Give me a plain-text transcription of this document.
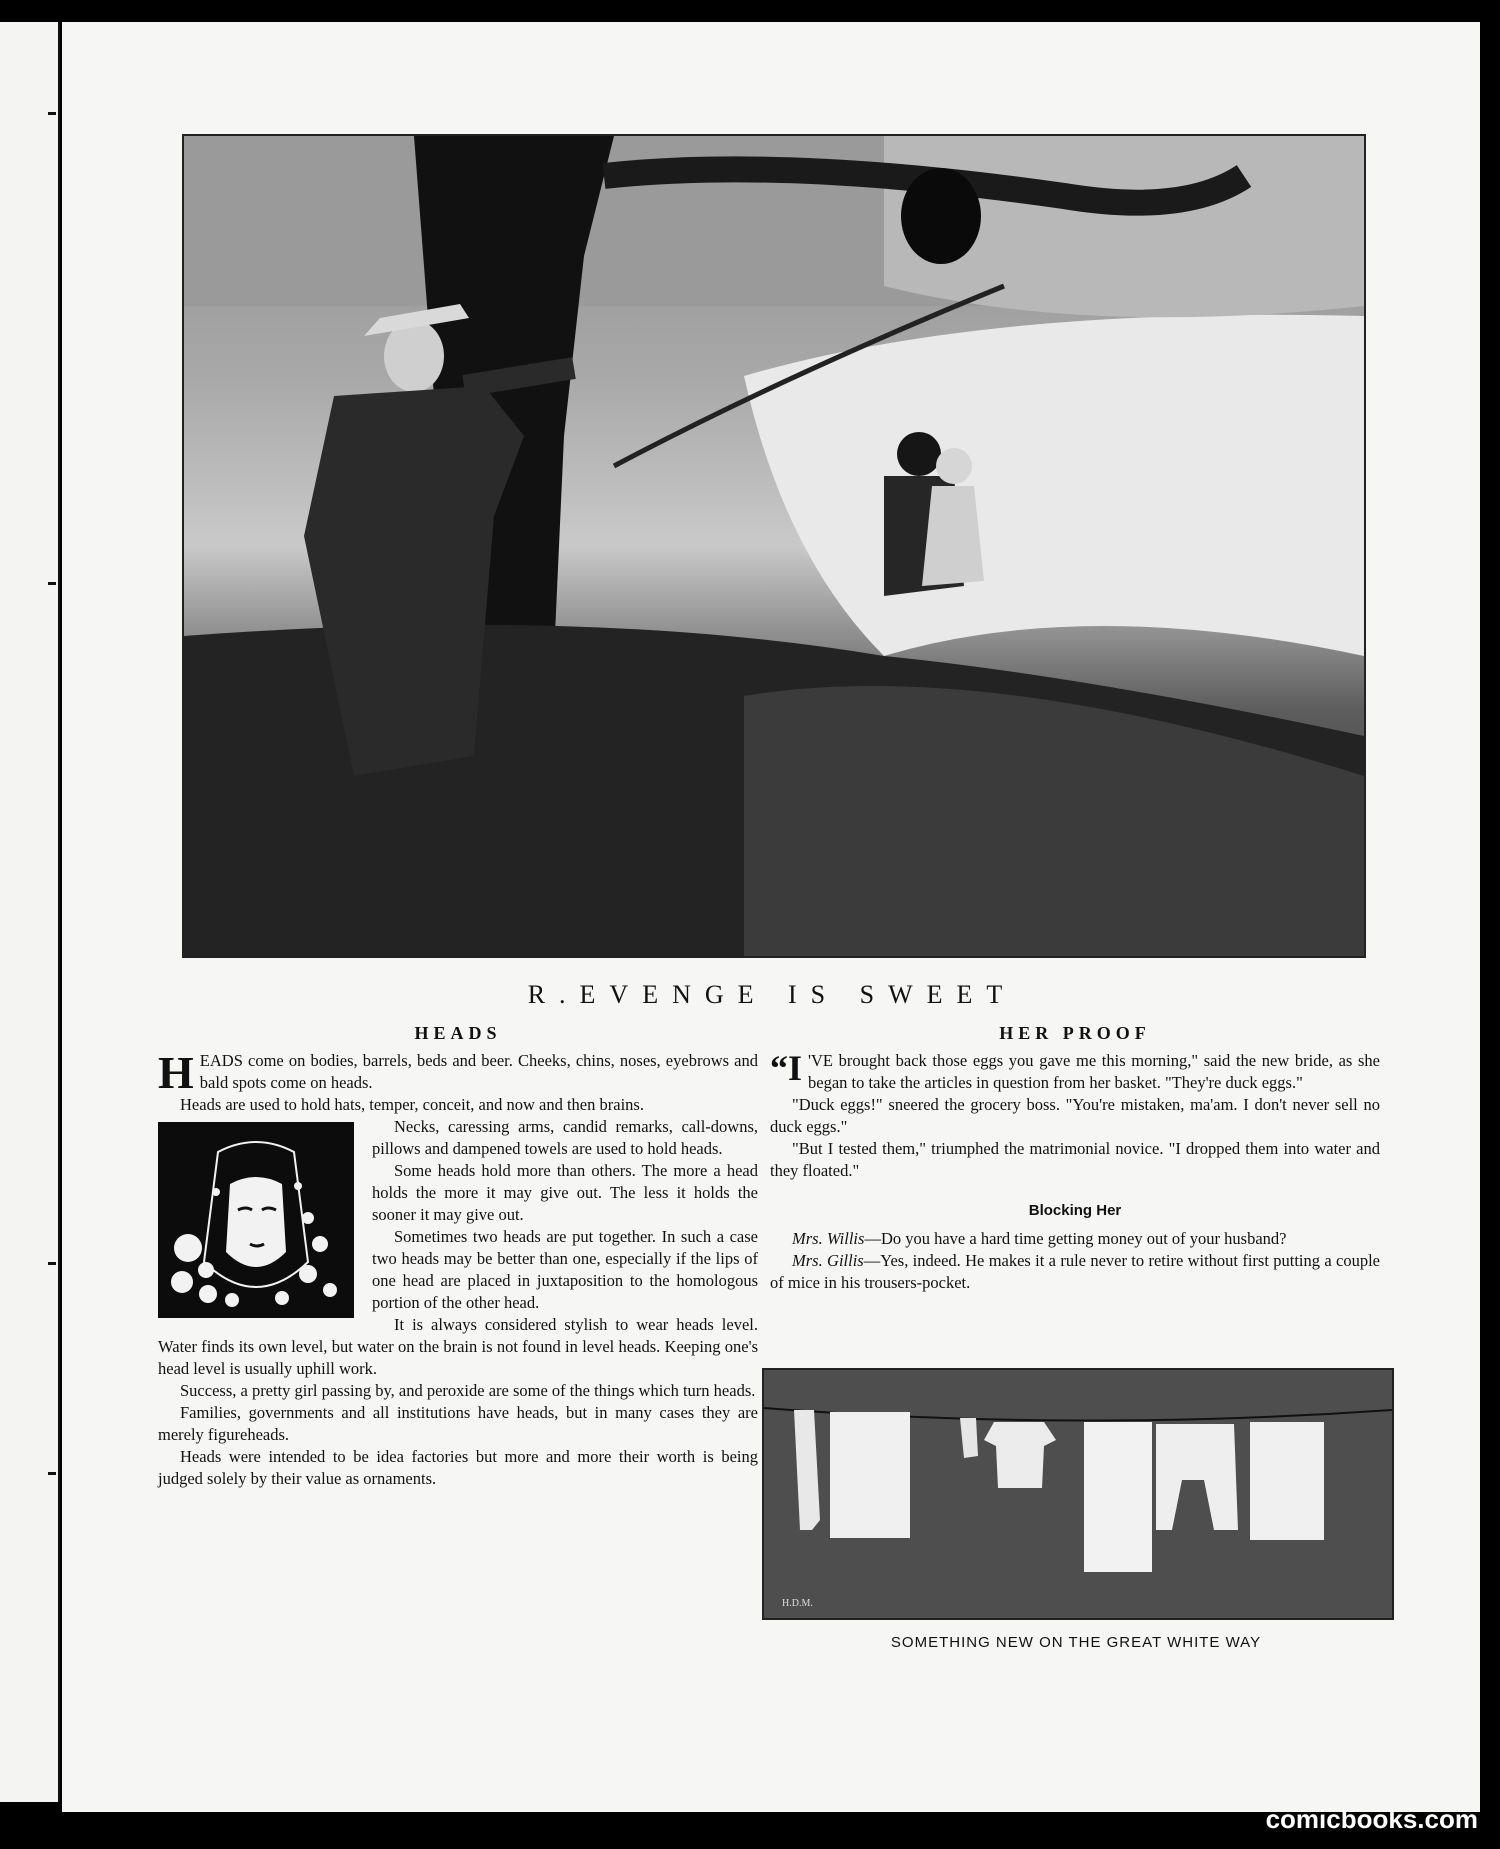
R.EVENGE IS SWEET

HEADS

HEADS come on bodies, barrels, beds and beer. Cheeks, chins, noses, eyebrows and bald spots come on heads.

Heads are used to hold hats, temper, conceit, and now and then brains.

Necks, caressing arms, candid remarks, call-downs, pillows and dampened towels are used to hold heads.

Some heads hold more than others. The more a head holds the more it may give out. The less it holds the sooner it may give out.

Sometimes two heads are put together. In such a case two heads may be better than one, especially if the lips of one head are placed in juxtaposition to the homologous portion of the other head.

It is always considered stylish to wear heads level. Water finds its own level, but water on the brain is not found in level heads. Keeping one's head level is usually uphill work.

Success, a pretty girl passing by, and peroxide are some of the things which turn heads.

Families, governments and all institutions have heads, but in many cases they are merely figureheads.

Heads were intended to be idea factories but more and more their worth is being judged solely by their value as ornaments.

HER PROOF

“I 'VE brought back those eggs you gave me this morning," said the new bride, as she began to take the articles in question from her basket. "They're duck eggs."

"Duck eggs!" sneered the grocery boss. "You're mistaken, ma'am. I don't never sell no duck eggs."

"But I tested them," triumphed the matrimonial novice. "I dropped them into water and they floated."

Blocking Her

Mrs. Willis—Do you have a hard time getting money out of your husband?

Mrs. Gillis—Yes, indeed. He makes it a rule never to retire without first putting a couple of mice in his trousers-pocket.

H.D.M.
SOMETHING NEW ON THE GREAT WHITE WAY
comicbooks.com
